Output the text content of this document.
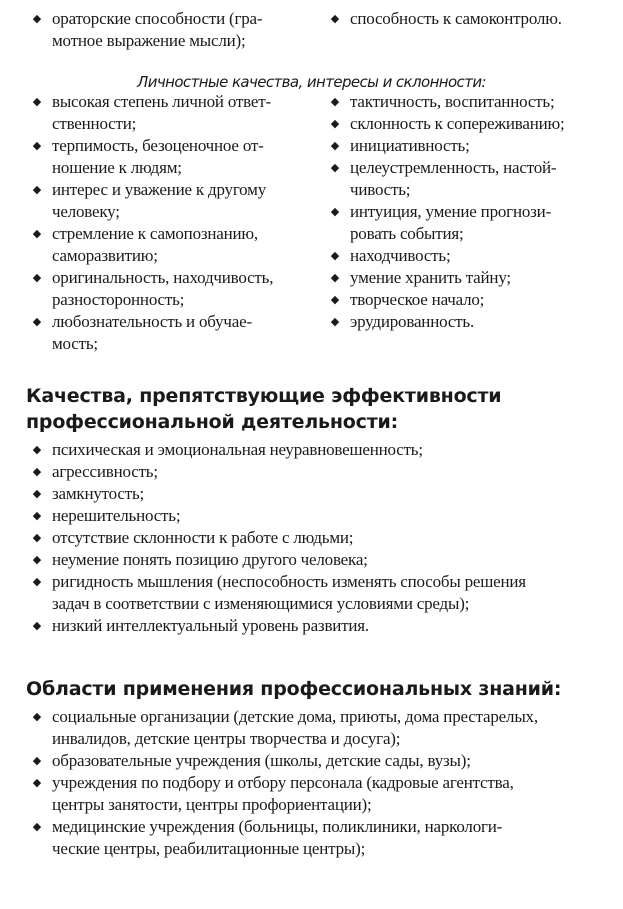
◆ ораторские способности (гра-
мотное выражение мысли);
◆ способность к самоконтролю.
Личностные качества, интересы и склонности:
◆ высокая степень личной ответ-
ственности;
◆ терпимость, безоценочное от-
ношение к людям;
◆ интерес и уважение к другому
человеку;
◆ стремление к самопознанию,
саморазвитию;
◆ оригинальность, находчивость,
разносторонность;
◆ любознательность и обучае-
мость;
◆ тактичность, воспитанность;
◆ склонность к сопереживанию;
◆ инициативность;
◆ целеустремленность, настой-
чивость;
◆ интуиция, умение прогнози-
ровать события;
◆ находчивость;
◆ умение хранить тайну;
◆ творческое начало;
◆ эрудированность.
Качества, препятствующие эффективности
профессиональной деятельности:
◆ психическая и эмоциональная неуравновешенность;
◆ агрессивность;
◆ замкнутость;
◆ нерешительность;
◆ отсутствие склонности к работе с людьми;
◆ неумение понять позицию другого человека;
◆ ригидность мышления (неспособность изменять способы решения
задач в соответствии с изменяющимися условиями среды);
◆ низкий интеллектуальный уровень развития.
Области применения профессиональных знаний:
◆ социальные организации (детские дома, приюты, дома престарелых,
инвалидов, детские центры творчества и досуга);
◆ образовательные учреждения (школы, детские сады, вузы);
◆ учреждения по подбору и отбору персонала (кадровые агентства,
центры занятости, центры профориентации);
◆ медицинские учреждения (больницы, поликлиники, наркологи-
ческие центры, реабилитационные центры);
